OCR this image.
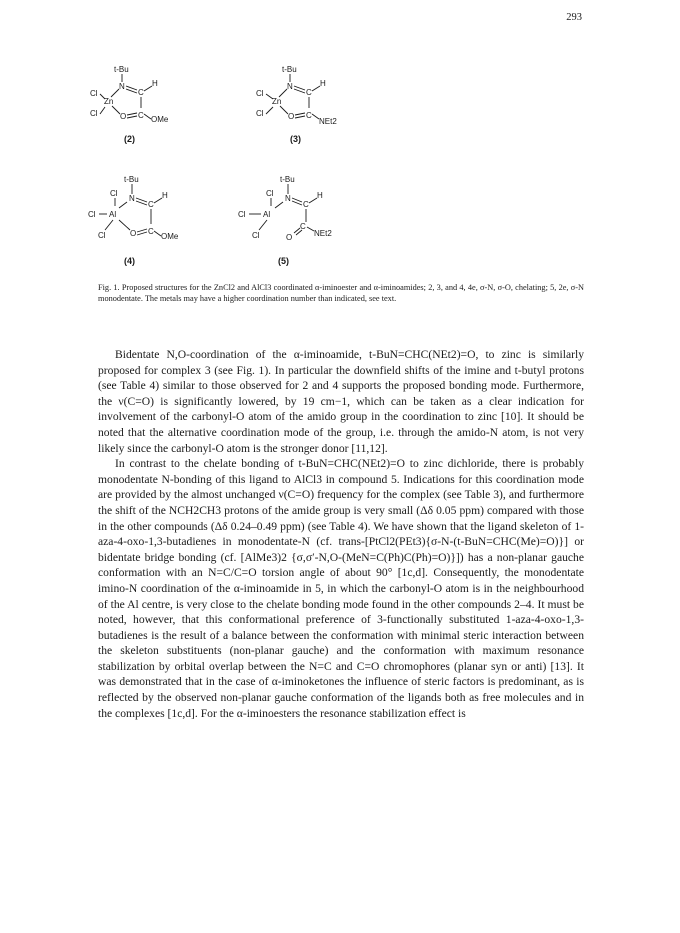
293
t-Bu
N
C
H
Zn
Cl
Cl	O C OMe
(2)
t-Bu
N
C
H
Zn
Cl
Cl	O C
NEt2
(3)
t-Bu
N
C
H
Cl
Cl Al
Cl	O C
OMe
(4)
t-Bu
N
C
H
Cl
Cl Al
Cl
C
O	NEt2
(5)

Fig. 1. Proposed structures for the ZnCl2 and AlCl3 coordinated α-iminoester and α-iminoamides; 2, 3, and 4, 4e, σ-N, σ-O, chelating; 5, 2e, σ-N monodentate. The metals may have a higher coordination number than indicated, see text.

Bidentate N,O-coordination of the α-iminoamide, t-BuN=CHC(NEt2)=O, to zinc is similarly proposed for complex 3 (see Fig. 1). In particular the downfield shifts of the imine and t-butyl protons (see Table 4) similar to those observed for 2 and 4 supports the proposed bonding mode. Furthermore, the ν(C=O) is significantly lowered, by 19 cm−1, which can be taken as a clear indication for involvement of the carbonyl-O atom of the amido group in the coordination to zinc [10]. It should be noted that the alternative coordination mode of the group, i.e. through the amido-N atom, is not very likely since the carbonyl-O atom is the stronger donor [11,12].

In contrast to the chelate bonding of t-BuN=CHC(NEt2)=O to zinc dichloride, there is probably monodentate N-bonding of this ligand to AlCl3 in compound 5. Indications for this coordination mode are provided by the almost unchanged ν(C=O) frequency for the complex (see Table 3), and furthermore the shift of the NCH2CH3 protons of the amide group is very small (Δδ 0.05 ppm) compared with those in the other compounds (Δδ 0.24–0.49 ppm) (see Table 4). We have shown that the ligand skeleton of 1-aza-4-oxo-1,3-butadienes in monodentate-N (cf. trans-[PtCl2(PEt3){σ-N-(t-BuN=CHC(Me)=O)}] or bidentate bridge bonding (cf. [AlMe3)2 {σ,σ′-N,O-(MeN=C(Ph)C(Ph)=O)}]) has a non-planar gauche conformation with an N=C/C=O torsion angle of about 90° [1c,d]. Consequently, the monodentate imino-N coordination of the α-iminoamide in 5, in which the carbonyl-O atom is in the neighbourhood of the Al centre, is very close to the chelate bonding mode found in the other compounds 2–4. It must be noted, however, that this conformational preference of 3-functionally substituted 1-aza-4-oxo-1,3-butadienes is the result of a balance between the conformation with minimal steric interaction between the skeleton substituents (non-planar gauche) and the conformation with maximum resonance stabilization by orbital overlap between the N=C and C=O chromophores (planar syn or anti) [13]. It was demonstrated that in the case of α-iminoketones the influence of steric factors is predominant, as is reflected by the observed non-planar gauche conformation of the ligands both as free molecules and in the complexes [1c,d]. For the α-iminoesters the resonance stabilization effect is
